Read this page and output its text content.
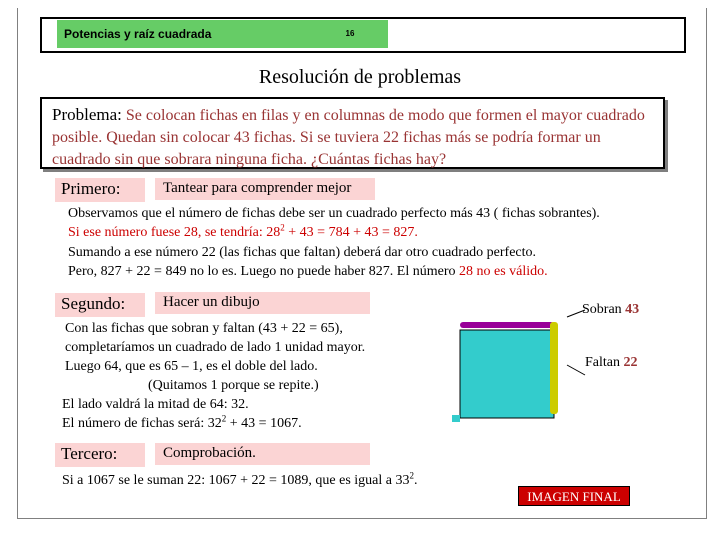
Potencias y raíz cuadrada	16
Resolución de problemas
Problema: Se colocan fichas en filas y en columnas de modo que formen el mayor cuadrado posible. Quedan sin colocar 43 fichas. Si se tuviera 22 fichas más se podría formar un cuadrado sin que sobrara ninguna ficha. ¿Cuántas fichas hay?
Primero:	Tantear para comprender mejor
Observamos que el número de fichas debe ser un cuadrado perfecto más 43 ( fichas sobrantes).
Si ese número fuese 28, se tendría: $28^2 + 43 = 784 + 43 = 827$.
Sumando a ese número 22 (las fichas que faltan) deberá dar otro cuadrado perfecto.
Pero, 827 + 22 = 849 no lo es. Luego no puede haber 827. El número 28 no es válido.
Segundo:	Hacer un dibujo
Con las fichas que sobran y faltan (43 + 22 = 65),
completaríamos un cuadrado de lado 1 unidad mayor.
Luego 64, que es 65 – 1, es el doble del lado.
(Quitamos 1 porque se repite.)
El lado valdrá la mitad de 64: 32.
El número de fichas será: $32^2 + 43 = 1067$.
Sobran 43
Faltan 22
Tercero:	Comprobación.
Si a 1067 se le suman 22: 1067 + 22 = 1089, que es igual a $33^2$.
IMAGEN FINAL
